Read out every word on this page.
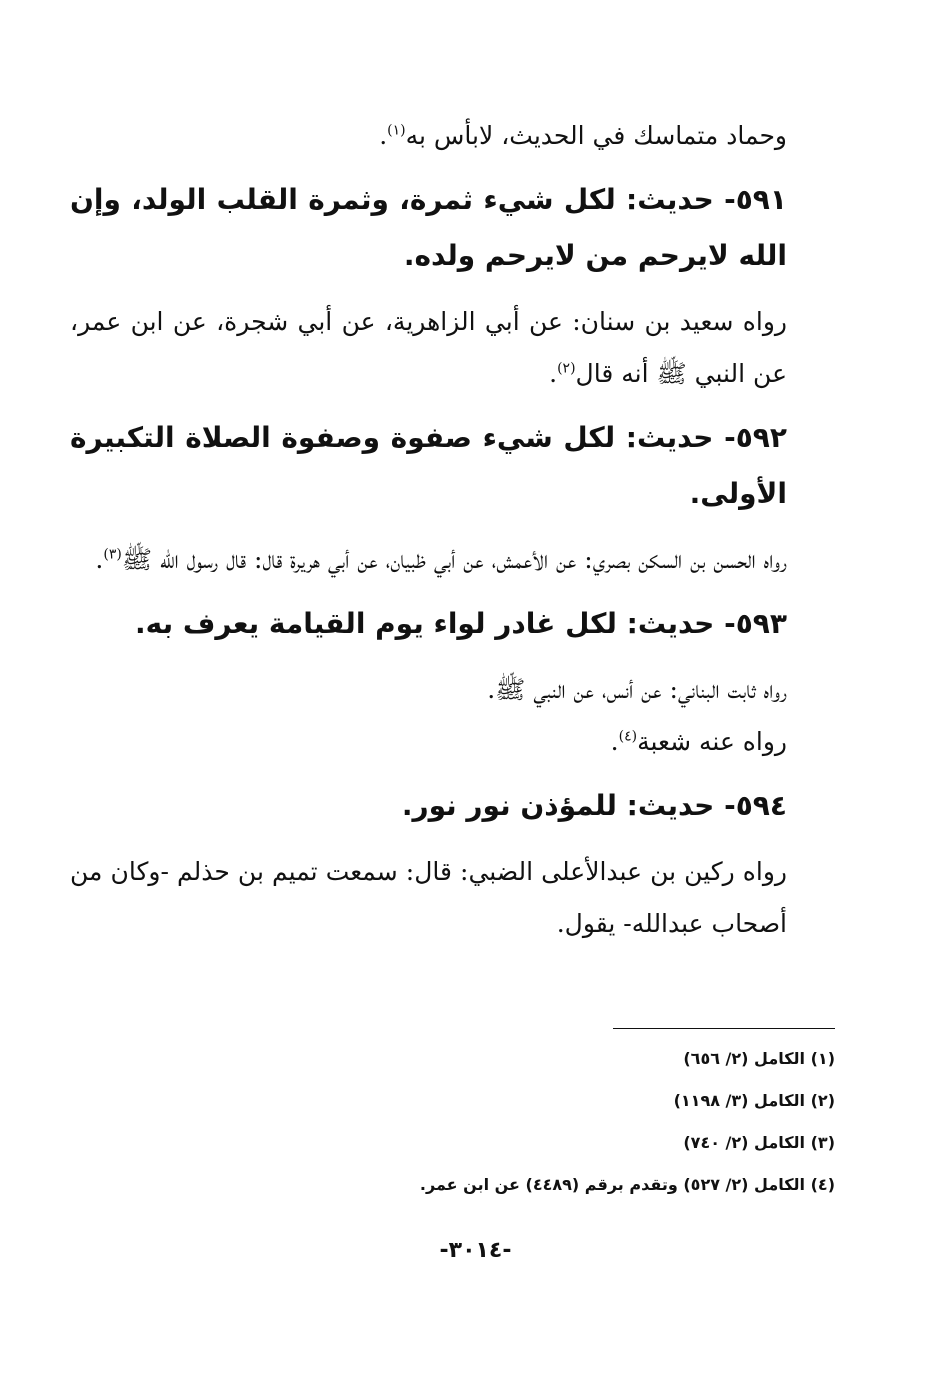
وحماد متماسك في الحديث، لابأس به$^{(١)}$.

٥٩١- حديث: لكل شيء ثمرة، وثمرة القلب الولد، وإن الله لايرحم من لايرحم ولده.

رواه سعيد بن سنان: عن أبي الزاهرية، عن أبي شجرة، عن ابن عمر، عن النبي ﷺ أنه قال$^{(٢)}$.

٥٩٢- حديث: لكل شيء صفوة وصفوة الصلاة التكبيرة الأولى.

رواه الحسن بن السكن بصري: عن الأعمش، عن أبي ظبيان، عن أبي هريرة قال: قال رسول الله ﷺ$^{(٣)}$.

٥٩٣- حديث: لكل غادر لواء يوم القيامة يعرف به.

رواه ثابت البناني: عن أنس، عن النبي ﷺ.

رواه عنه شعبة$^{(٤)}$.

٥٩٤- حديث: للمؤذن نور نور.

رواه ركين بن عبدالأعلى الضبي: قال: سمعت تميم بن حذلم -وكان من أصحاب عبدالله- يقول.

(١) الكامل (٢/ ٦٥٦)

(٢) الكامل (٣/ ١١٩٨)

(٣) الكامل (٢/ ٧٤٠)

(٤) الكامل (٢/ ٥٢٧) وتقدم برقم (٤٤٨٩) عن ابن عمر.

-٣٠١٤-
